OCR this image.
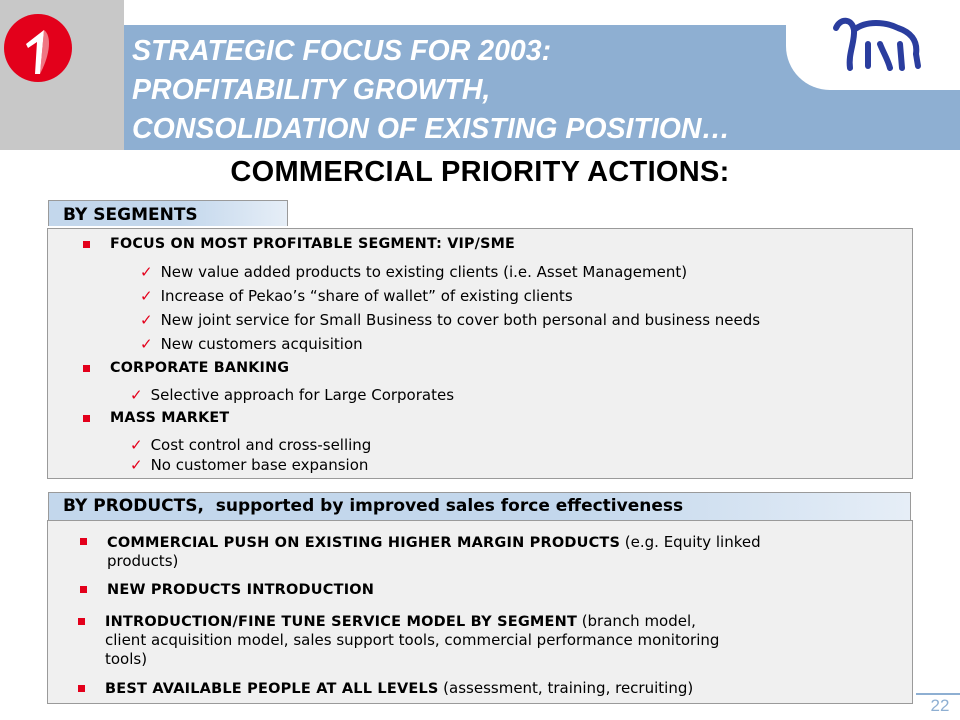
STRATEGIC FOCUS FOR 2003:
PROFITABILITY GROWTH,
CONSOLIDATION OF EXISTING POSITION…
COMMERCIAL PRIORITY ACTIONS:
BY SEGMENTS
FOCUS ON MOST PROFITABLE SEGMENT: VIP/SME
✓ New value added products to existing clients (i.e. Asset Management)
✓ Increase of Pekao’s “share of wallet” of existing clients
✓ New joint service for Small Business to cover both personal and business needs
✓ New customers acquisition
CORPORATE BANKING
✓ Selective approach for Large Corporates
MASS MARKET
✓ Cost control and cross-selling
✓ No customer base expansion
BY PRODUCTS, supported by improved sales force effectiveness
COMMERCIAL PUSH ON EXISTING HIGHER MARGIN PRODUCTS (e.g. Equity linked
products)
NEW PRODUCTS INTRODUCTION
INTRODUCTION/FINE TUNE SERVICE MODEL BY SEGMENT (branch model,
client acquisition model, sales support tools, commercial performance monitoring
tools)
BEST AVAILABLE PEOPLE AT ALL LEVELS (assessment, training, recruiting)
22
